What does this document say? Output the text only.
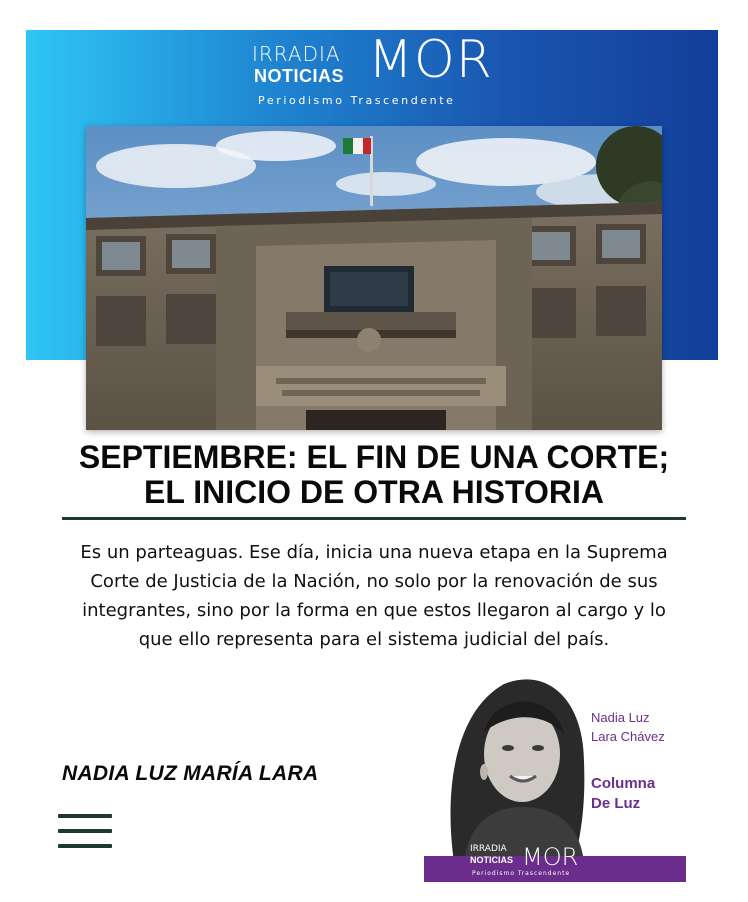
IRRADIA
NOTICIAS MOR
Periodismo Trascendente
SEPTIEMBRE: EL FIN DE UNA CORTE;
EL INICIO DE OTRA HISTORIA

Es un parteaguas. Ese día, inicia una nueva etapa en la Suprema
Corte de Justicia de la Nación, no solo por la renovación de sus
integrantes, sino por la forma en que estos llegaron al cargo y lo
que ello representa para el sistema judicial del país.

NADIA LUZ MARÍA LARA
Nadia Luz
Lara Chávez
Columna
De Luz
IRRADIA
NOTICIAS MOR
Periodismo Trascendente
